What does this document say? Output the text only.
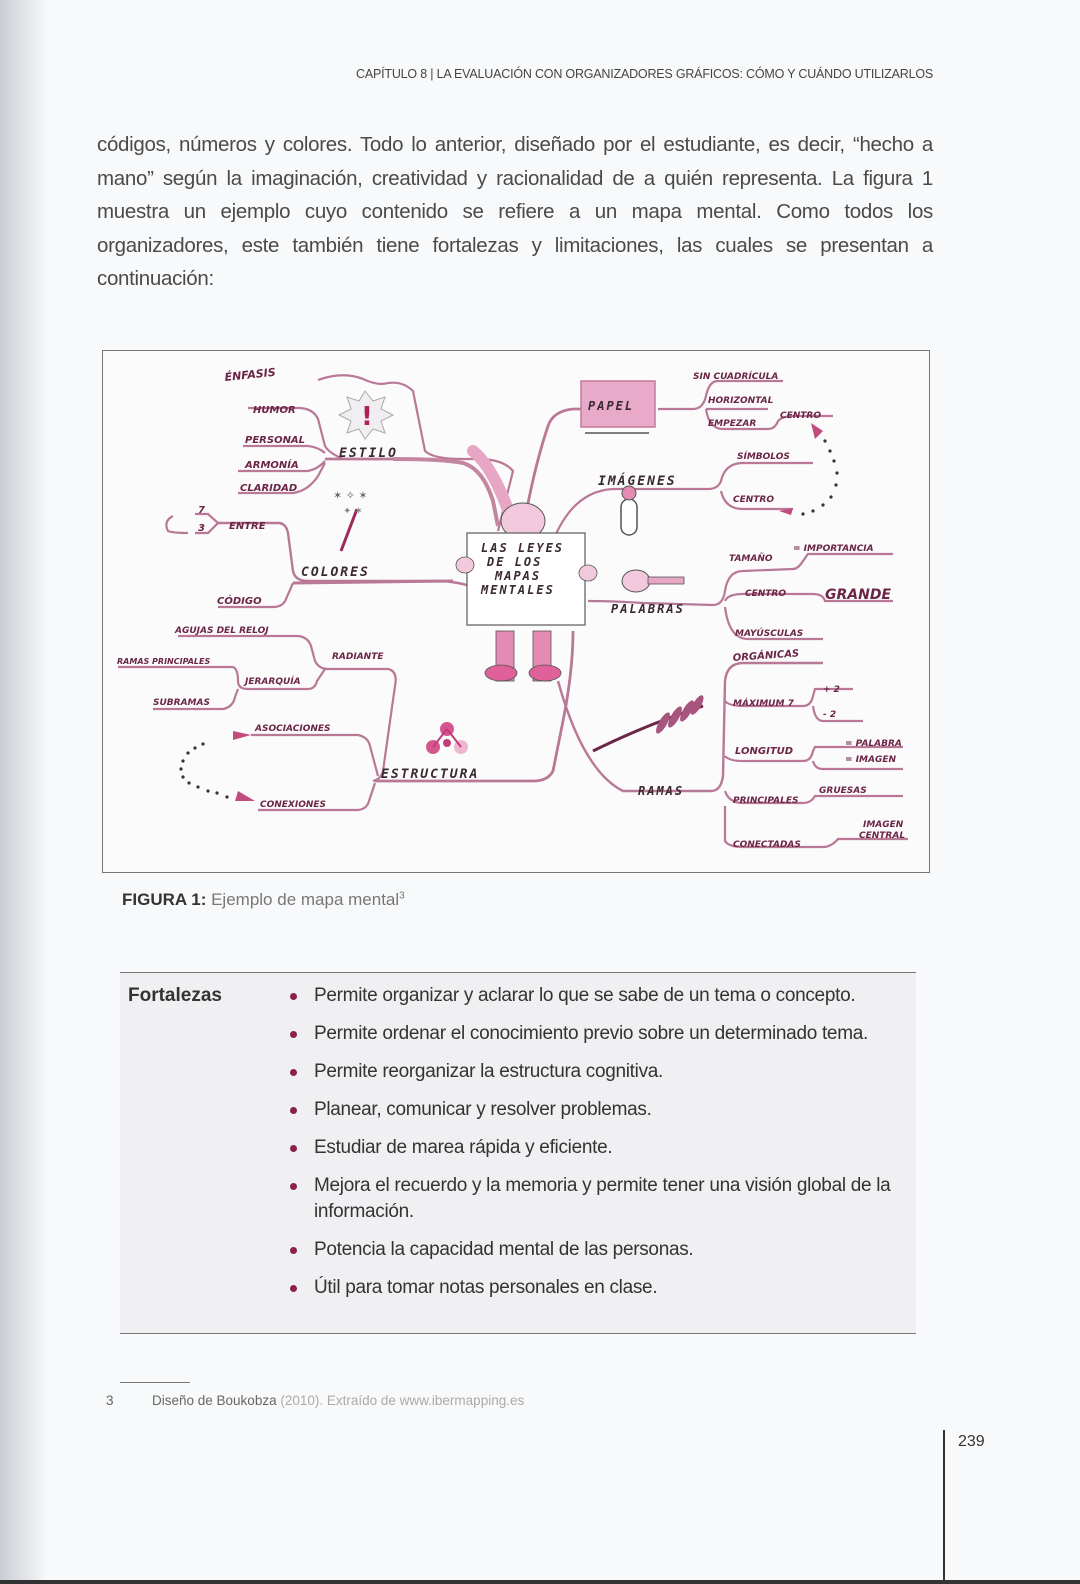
CAPÍTULO 8 | LA EVALUACIÓN CON ORGANIZADORES GRÁFICOS: CÓMO Y CUÁNDO UTILIZARLOS
códigos, números y colores. Todo lo anterior, diseñado por el estudiante, es decir, “hecho a mano” según la imaginación, creatividad y racionalidad de a quién representa. La figura 1 muestra un ejemplo cuyo contenido se refiere a un mapa mental. Como todos los organizadores, este también tiene fortalezas y limitaciones, las cuales se presentan a continuación:
!
✶ ✧ ✶
✦ ✶
ÉNFASIS
HUMOR
PERSONAL
ARMONÍA
CLARIDAD
ESTILO
7
3 ENTRE
CÓDIGO
COLORES
RADIANTE
AGUJAS DEL RELOJ
JERARQUÍA
RAMAS PRINCIPALES
SUBRAMAS
ASOCIACIONES
CONEXIONES
ESTRUCTURA
PAPEL
SIN CUADRÍCULA
HORIZONTAL
EMPEZAR
CENTRO
IMÁGENES
SÍMBOLOS
CENTRO
PALABRAS
TAMAÑO
= IMPORTANCIA
CENTRO	GRANDE
MAYÚSCULAS
RAMAS
ORGÁNICAS
MÁXIMUM 7
+ 2
- 2
LONGITUD
= PALABRA
= IMAGEN
PRINCIPALES
GRUESAS
CONECTADAS
IMAGEN
CENTRAL
LAS LEYES
DE LOS
MAPAS
MENTALES
FIGURA 1: Ejemplo de mapa mental$^3$
Fortalezas	Permite organizar y aclarar lo que se sabe de un tema o concepto.
Permite ordenar el conocimiento previo sobre un determinado tema.
Permite reorganizar la estructura cognitiva.
Planear, comunicar y resolver problemas.
Estudiar de marea rápida y eficiente.
Mejora el recuerdo y la memoria y permite tener una visión global de la información.
Potencia la capacidad mental de las personas.
Útil para tomar notas personales en clase.
3	Diseño de Boukobza (2010). Extraído de www.ibermapping.es
239
